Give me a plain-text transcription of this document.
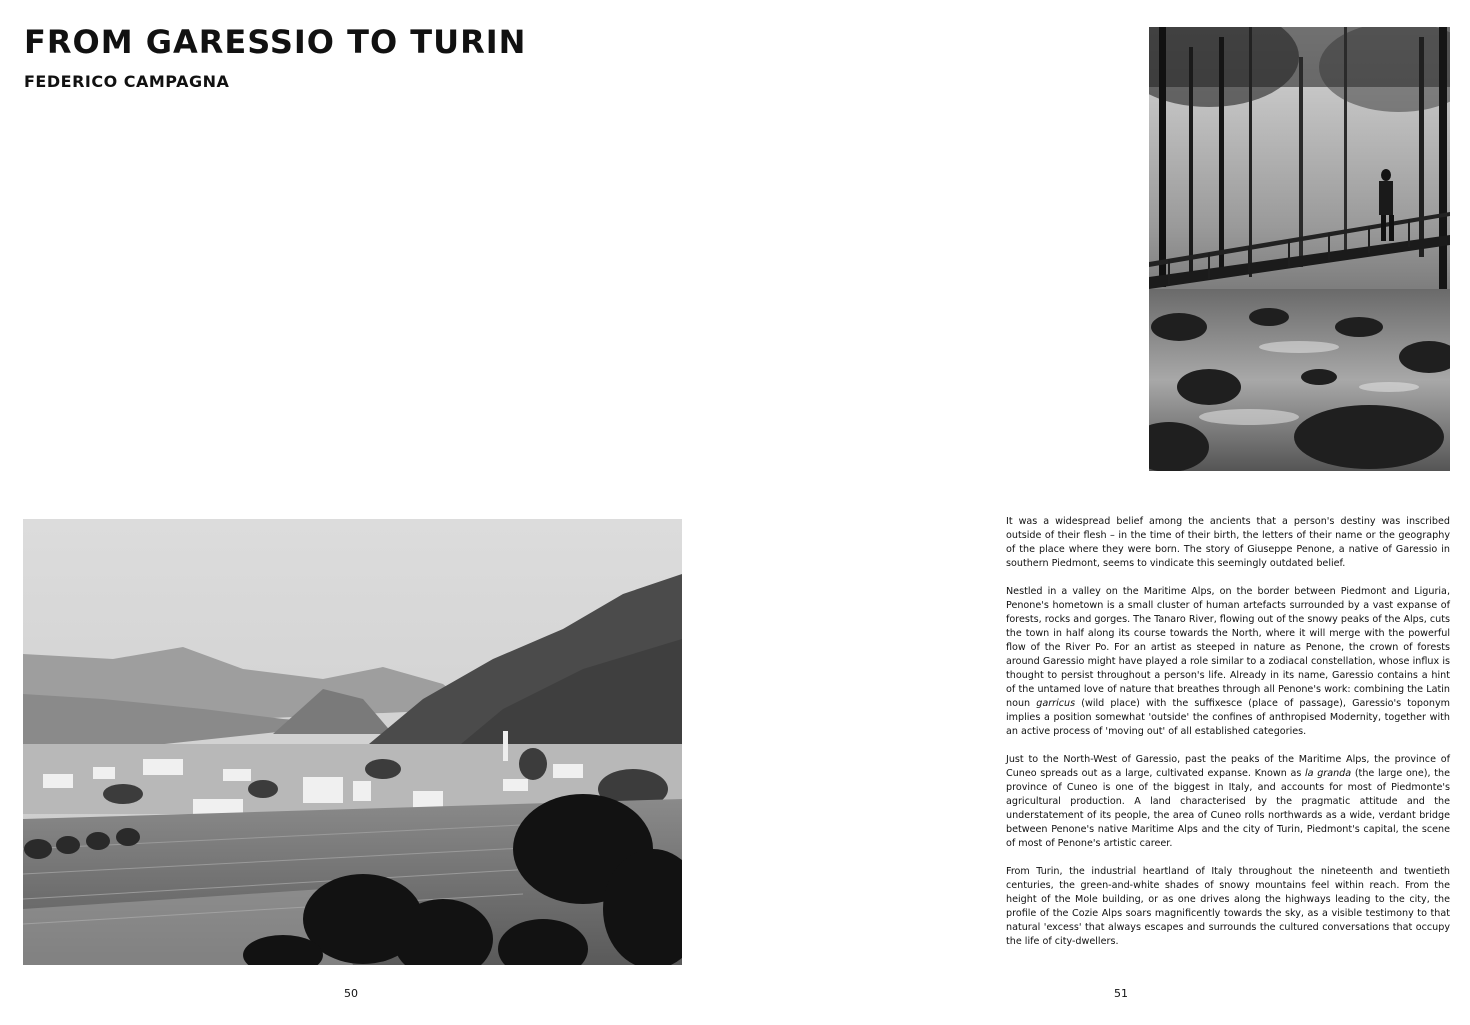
FROM GARESSIO TO TURIN
FEDERICO CAMPAGNA

It was a widespread belief among the ancients that a person's destiny was inscribed outside of their flesh – in the time of their birth, the letters of their name or the geography of the place where they were born. The story of Giuseppe Penone, a native of Garessio in southern Piedmont, seems to vindicate this seemingly outdated belief.

Nestled in a valley on the Maritime Alps, on the border between Piedmont and Liguria, Penone's hometown is a small cluster of human artefacts surrounded by a vast expanse of forests, rocks and gorges. The Tanaro River, flowing out of the snowy peaks of the Alps, cuts the town in half along its course towards the North, where it will merge with the powerful flow of the River Po. For an artist as steeped in nature as Penone, the crown of forests around Garessio might have played a role similar to a zodiacal constellation, whose influx is thought to persist throughout a person's life. Already in its name, Garessio contains a hint of the untamed love of nature that breathes through all Penone's work: combining the Latin noun garricus (wild place) with the suffixesce (place of passage), Garessio's toponym implies a position somewhat 'outside' the confines of anthropised Modernity, together with an active process of 'moving out' of all established categories.

Just to the North-West of Garessio, past the peaks of the Maritime Alps, the province of Cuneo spreads out as a large, cultivated expanse. Known as la granda (the large one), the province of Cuneo is one of the biggest in Italy, and accounts for most of Piedmonte's agricultural production. A land characterised by the pragmatic attitude and the understatement of its people, the area of Cuneo rolls northwards as a wide, verdant bridge between Penone's native Maritime Alps and the city of Turin, Piedmont's capital, the scene of most of Penone's artistic career.

From Turin, the industrial heartland of Italy throughout the nineteenth and twentieth centuries, the green-and-white shades of snowy mountains feel within reach. From the height of the Mole building, or as one drives along the highways leading to the city, the profile of the Cozie Alps soars magnificently towards the sky, as a visible testimony to that natural 'excess' that always escapes and surrounds the cultured conversations that occupy the life of city-dwellers.

50	51
